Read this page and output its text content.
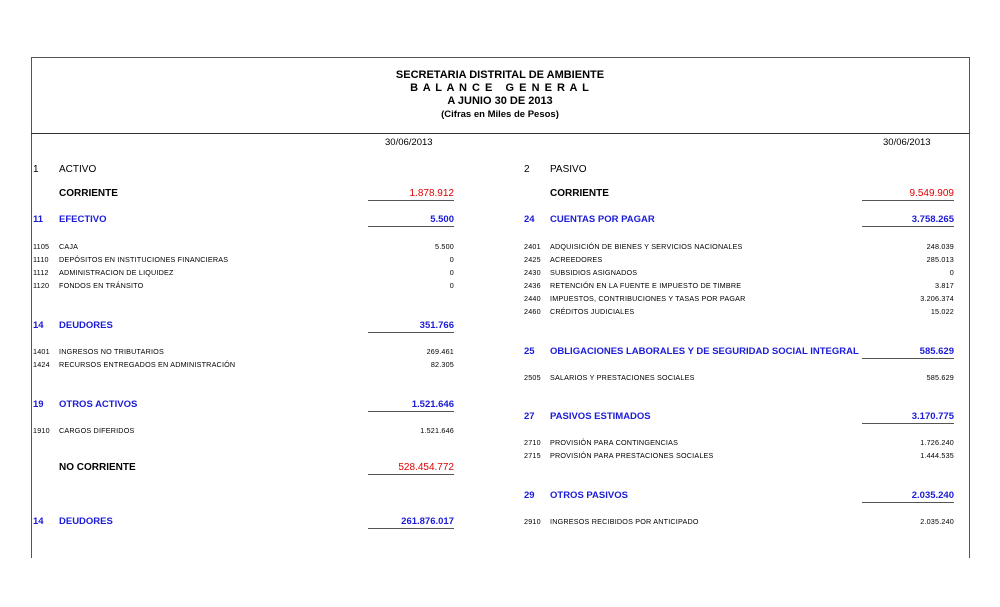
SECRETARIA DISTRITAL DE AMBIENTE
B A L A N C E   G E N E R A L
A JUNIO 30 DE 2013
(Cifras en Miles de Pesos)
30/06/2013	30/06/2013
1 ACTIVO
CORRIENTE	1.878.912
11 EFECTIVO	5.500
1105 CAJA	5.500
1110 DEPÓSITOS EN INSTITUCIONES FINANCIERAS	0
1112 ADMINISTRACION DE LIQUIDEZ	0
1120 FONDOS EN TRÁNSITO	0
14 DEUDORES	351.766
1401 INGRESOS NO TRIBUTARIOS	269.461
1424 RECURSOS ENTREGADOS EN ADMINISTRACIÓN	82.305
19 OTROS ACTIVOS	1.521.646
1910 CARGOS DIFERIDOS	1.521.646
NO CORRIENTE	528.454.772
14 DEUDORES	261.876.017
2 PASIVO
CORRIENTE	9.549.909
24 CUENTAS POR PAGAR	3.758.265
2401 ADQUISICIÓN DE BIENES Y SERVICIOS NACIONALES	248.039
2425 ACREEDORES	285.013
2430 SUBSIDIOS ASIGNADOS	0
2436 RETENCIÓN EN LA FUENTE E IMPUESTO DE TIMBRE	3.817
2440 IMPUESTOS, CONTRIBUCIONES Y TASAS POR PAGAR	3.206.374
2460 CRÉDITOS JUDICIALES	15.022
25 OBLIGACIONES LABORALES Y DE SEGURIDAD SOCIAL INTEGRAL	585.629
2505 SALARIOS Y PRESTACIONES SOCIALES	585.629
27 PASIVOS ESTIMADOS	3.170.775
2710 PROVISIÓN PARA CONTINGENCIAS	1.726.240
2715 PROVISIÓN PARA PRESTACIONES SOCIALES	1.444.535
29 OTROS PASIVOS	2.035.240
2910 INGRESOS RECIBIDOS POR ANTICIPADO	2.035.240
